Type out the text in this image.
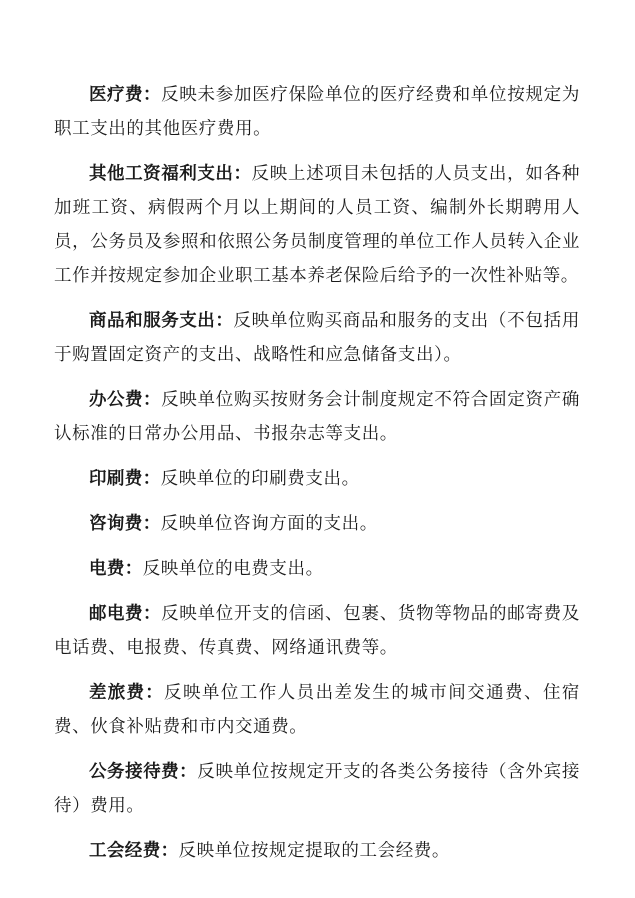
医疗费：反映未参加医疗保险单位的医疗经费和单位按规定为职工支出的其他医疗费用。

其他工资福利支出：反映上述项目未包括的人员支出，如各种加班工资、病假两个月以上期间的人员工资、编制外长期聘用人员，公务员及参照和依照公务员制度管理的单位工作人员转入企业工作并按规定参加企业职工基本养老保险后给予的一次性补贴等。

商品和服务支出：反映单位购买商品和服务的支出（不包括用于购置固定资产的支出、战略性和应急储备支出）。

办公费：反映单位购买按财务会计制度规定不符合固定资产确认标准的日常办公用品、书报杂志等支出。

印刷费：反映单位的印刷费支出。

咨询费：反映单位咨询方面的支出。

电费：反映单位的电费支出。

邮电费：反映单位开支的信函、包裹、货物等物品的邮寄费及电话费、电报费、传真费、网络通讯费等。

差旅费：反映单位工作人员出差发生的城市间交通费、住宿费、伙食补贴费和市内交通费。

公务接待费：反映单位按规定开支的各类公务接待（含外宾接待）费用。

工会经费：反映单位按规定提取的工会经费。
